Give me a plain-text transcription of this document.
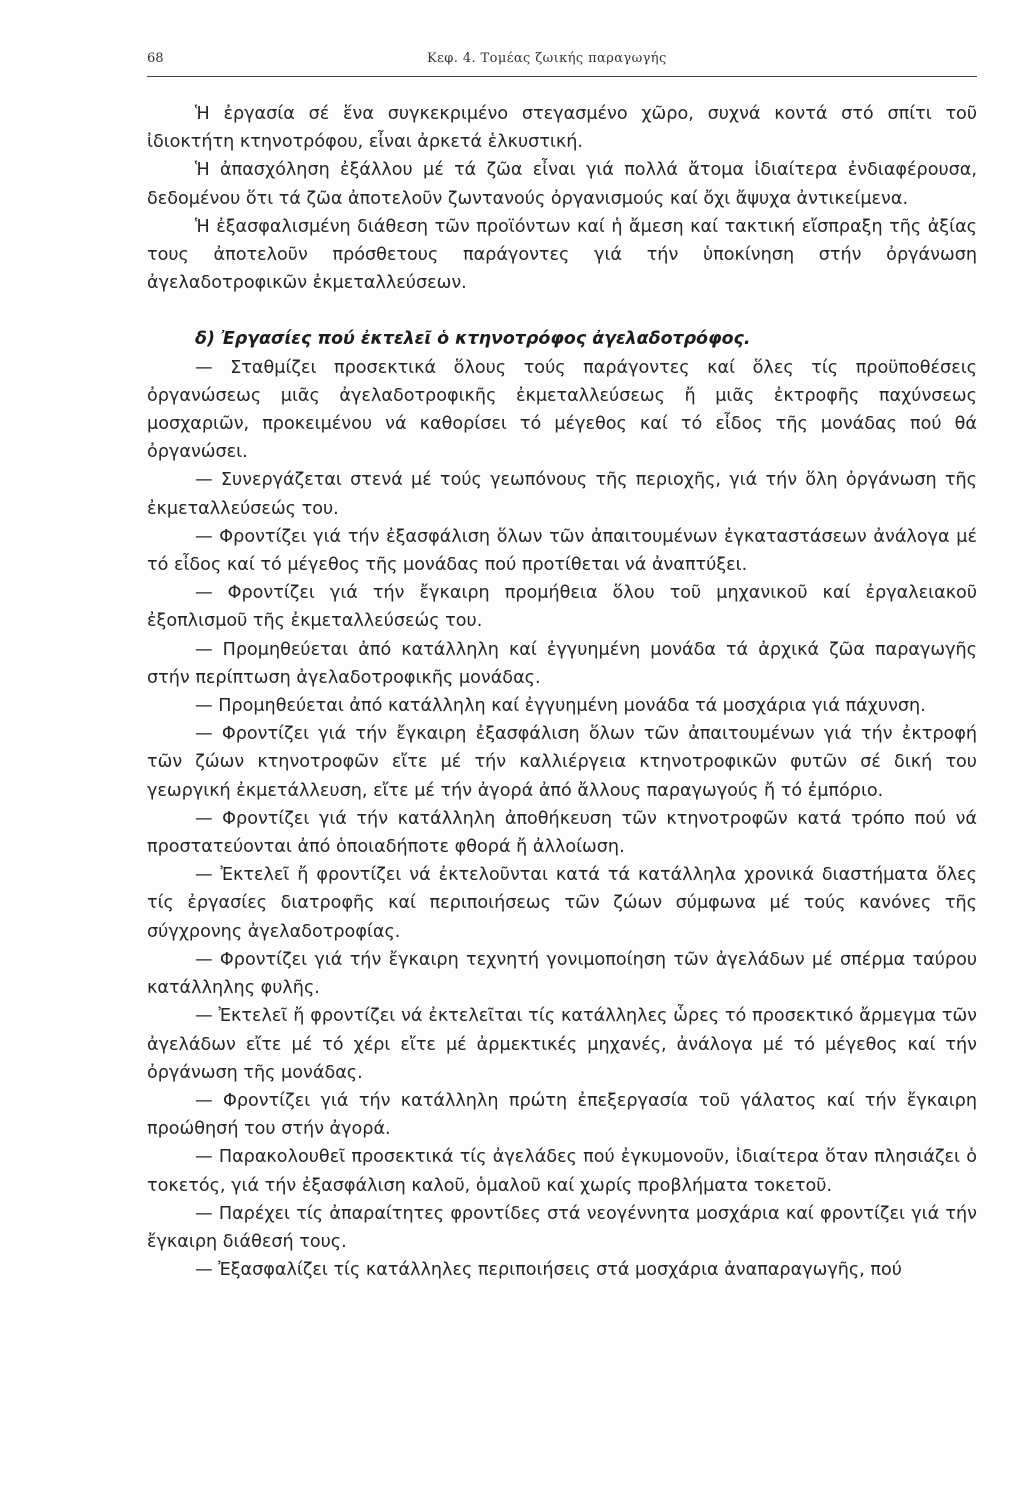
68	Κεφ. 4. Τομέας ζωικής παραγωγής

Ἡ ἐργασία σέ ἕνα συγκεκριμένο στεγασμένο χῶρο, συχνά κοντά στό σπίτι τοῦ ἰδιοκτήτη κτηνοτρόφου, εἶναι ἀρκετά ἑλκυστική.

Ἡ ἀπασχόληση ἐξάλλου μέ τά ζῶα εἶναι γιά πολλά ἄτομα ἰδιαίτερα ἐνδιαφέρουσα, δεδομένου ὅτι τά ζῶα ἀποτελοῦν ζωντανούς ὀργανισμούς καί ὄχι ἄψυχα ἀντικείμενα.

Ἡ ἐξασφαλισμένη διάθεση τῶν προϊόντων καί ἡ ἄμεση καί τακτική εἴσπραξη τῆς ἀξίας τους ἀποτελοῦν πρόσθετους παράγοντες γιά τήν ὑποκίνηση στήν ὀργάνωση ἀγελαδοτροφικῶν ἐκμεταλλεύσεων.

δ) Ἐργασίες πού ἐκτελεῖ ὁ κτηνοτρόφος ἀγελαδοτρόφος.

— Σταθμίζει προσεκτικά ὅλους τούς παράγοντες καί ὅλες τίς προϋποθέσεις ὀργανώσεως μιᾶς ἀγελαδοτροφικῆς ἐκμεταλλεύσεως ἤ μιᾶς ἐκτροφῆς παχύνσεως μοσχαριῶν, προκειμένου νά καθορίσει τό μέγεθος καί τό εἶδος τῆς μονάδας πού θά ὀργανώσει.

— Συνεργάζεται στενά μέ τούς γεωπόνους τῆς περιοχῆς, γιά τήν ὅλη ὀργάνωση τῆς ἐκμεταλλεύσεώς του.

— Φροντίζει γιά τήν ἐξασφάλιση ὅλων τῶν ἀπαιτουμένων ἐγκαταστάσεων ἀνάλογα μέ τό εἶδος καί τό μέγεθος τῆς μονάδας πού προτίθεται νά ἀναπτύξει.

— Φροντίζει γιά τήν ἔγκαιρη προμήθεια ὅλου τοῦ μηχανικοῦ καί ἐργαλειακοῦ ἐξοπλισμοῦ τῆς ἐκμεταλλεύσεώς του.

— Προμηθεύεται ἀπό κατάλληλη καί ἐγγυημένη μονάδα τά ἀρχικά ζῶα παραγωγῆς στήν περίπτωση ἀγελαδοτροφικῆς μονάδας.

— Προμηθεύεται ἀπό κατάλληλη καί ἐγγυημένη μονάδα τά μοσχάρια γιά πάχυνση.

— Φροντίζει γιά τήν ἔγκαιρη ἐξασφάλιση ὅλων τῶν ἀπαιτουμένων γιά τήν ἐκτροφή τῶν ζώων κτηνοτροφῶν εἴτε μέ τήν καλλιέργεια κτηνοτροφικῶν φυτῶν σέ δική του γεωργική ἐκμετάλλευση, εἴτε μέ τήν ἀγορά ἀπό ἄλλους παραγωγούς ἤ τό ἐμπόριο.

— Φροντίζει γιά τήν κατάλληλη ἀποθήκευση τῶν κτηνοτροφῶν κατά τρόπο πού νά προστατεύονται ἀπό ὁποιαδήποτε φθορά ἤ ἀλλοίωση.

— Ἐκτελεῖ ἤ φροντίζει νά ἐκτελοῦνται κατά τά κατάλληλα χρονικά διαστήματα ὅλες τίς ἐργασίες διατροφῆς καί περιποιήσεως τῶν ζώων σύμφωνα μέ τούς κανόνες τῆς σύγχρονης ἀγελαδοτροφίας.

— Φροντίζει γιά τήν ἔγκαιρη τεχνητή γονιμοποίηση τῶν ἀγελάδων μέ σπέρμα ταύρου κατάλληλης φυλῆς.

— Ἐκτελεῖ ἤ φροντίζει νά ἐκτελεῖται τίς κατάλληλες ὧρες τό προσεκτικό ἄρμεγμα τῶν ἀγελάδων εἴτε μέ τό χέρι εἴτε μέ ἀρμεκτικές μηχανές, ἀνάλογα μέ τό μέγεθος καί τήν ὀργάνωση τῆς μονάδας.

— Φροντίζει γιά τήν κατάλληλη πρώτη ἐπεξεργασία τοῦ γάλατος καί τήν ἔγκαιρη προώθησή του στήν ἀγορά.

— Παρακολουθεῖ προσεκτικά τίς ἀγελάδες πού ἐγκυμονοῦν, ἰδιαίτερα ὅταν πλησιάζει ὁ τοκετός, γιά τήν ἐξασφάλιση καλοῦ, ὁμαλοῦ καί χωρίς προβλήματα τοκετοῦ.

— Παρέχει τίς ἀπαραίτητες φροντίδες στά νεογέννητα μοσχάρια καί φροντίζει γιά τήν ἔγκαιρη διάθεσή τους.

— Ἐξασφαλίζει τίς κατάλληλες περιποιήσεις στά μοσχάρια ἀναπαραγωγῆς, πού
